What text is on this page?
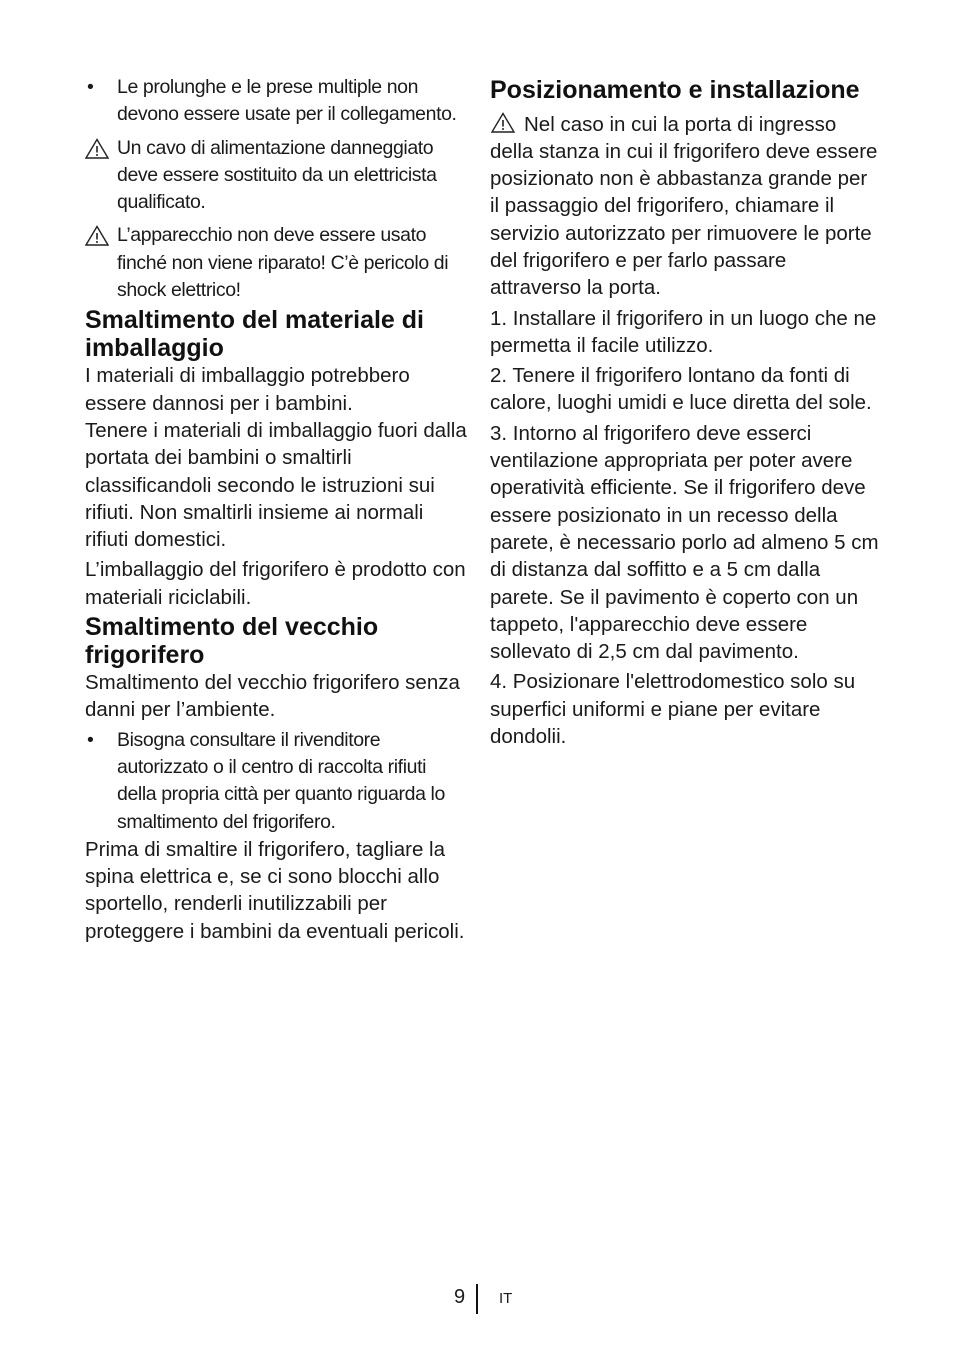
• Le prolunghe e le prese multiple non devono essere usate per il collegamento.

Un cavo di alimentazione danneggiato deve essere sostituito da un elettricista qualificato.

L’apparecchio non deve essere usato finché non viene riparato! C’è pericolo di shock elettrico!

Smaltimento del materiale di imballaggio

I materiali di imballaggio potrebbero essere dannosi per i bambini.

Tenere i materiali di imballaggio fuori dalla portata dei bambini o smaltirli classificandoli secondo le istruzioni sui rifiuti. Non smaltirli insieme ai normali rifiuti domestici.

L’imballaggio del frigorifero è prodotto con materiali riciclabili.

Smaltimento del vecchio frigorifero

Smaltimento del vecchio frigorifero senza danni per l’ambiente.

• Bisogna consultare il rivenditore autorizzato o il centro di raccolta rifiuti della propria città per quanto riguarda lo smaltimento del frigorifero.

Prima di smaltire il frigorifero, tagliare la spina elettrica e, se ci sono blocchi allo sportello, renderli inutilizzabili per proteggere i bambini da eventuali pericoli.

Posizionamento e installazione

Nel caso in cui la porta di ingresso della stanza in cui il frigorifero deve essere posizionato non è abbastanza grande per il passaggio del frigorifero, chiamare il servizio autorizzato per rimuovere le porte del frigorifero e per farlo passare attraverso la porta.

1. Installare il frigorifero in un luogo che ne permetta il facile utilizzo.

2. Tenere il frigorifero lontano da fonti di calore, luoghi umidi e luce diretta del sole.

3. Intorno al frigorifero deve esserci ventilazione appropriata per poter avere operatività efficiente. Se il frigorifero deve essere posizionato in un recesso della parete, è necessario porlo ad almeno 5 cm di distanza dal soffitto e a 5 cm dalla parete. Se il pavimento è coperto con un tappeto, l'apparecchio deve essere sollevato di 2,5 cm dal pavimento.

4. Posizionare l'elettrodomestico solo su superfici uniformi e piane per evitare dondolii.

9 IT
